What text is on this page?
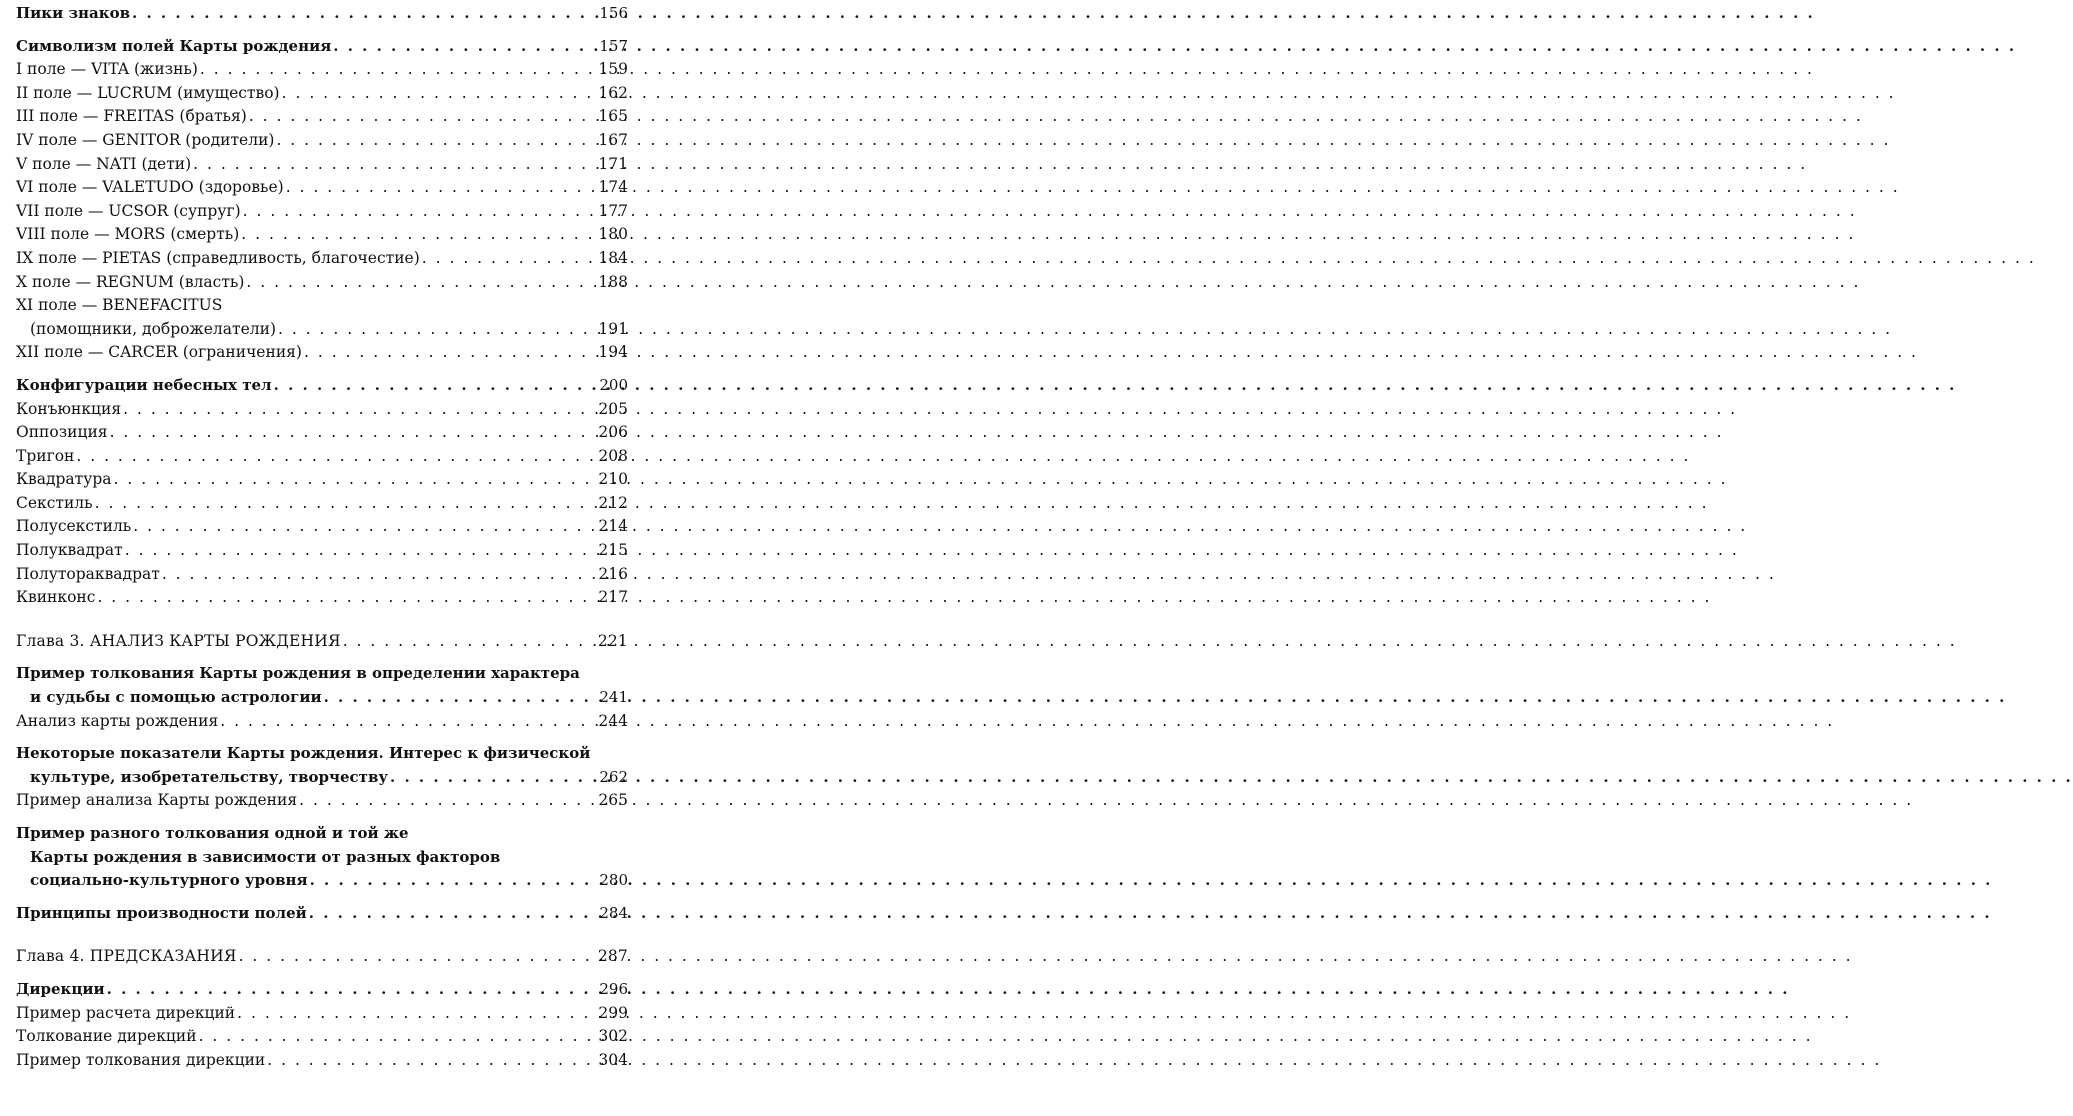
Пики знаков . . .	156
Символизм полей Карты рождения . . .	157
I поле — VITA (жизнь) . . .	159
II поле — LUCRUM (имущество) . . .	162
III поле — FREITAS (братья) . . .	165
IV поле — GENITOR (родители) . . .	167
V поле — NATI (дети) . . .	171
VI поле — VALETUDO (здоровье) . . .	174
VII поле — UCSOR (супруг) . . .	177
VIII поле — MORS (смерть) . . .	180
IX поле — PIETAS (справедливость, благочестие) . . .	184
X поле — REGNUM (власть) . . .	188
XI поле — BENEFACITUS
(помощники, доброжелатели) . . .	191
XII поле — CARCER (ограничения) . . .	194
Конфигурации небесных тел . . .	200
Конъюнкция . . .	205
Оппозиция . . .	206
Тригон . . .	208
Квадратура . . .	210
Секстиль . . .	212
Полусекстиль . . .	214
Полуквадрат . . .	215
Полутораквадрат . . .	216
Квинконс . . .	217
Глава 3. АНАЛИЗ КАРТЫ РОЖДЕНИЯ . . .	221
Пример толкования Карты рождения в определении характера
и судьбы с помощью астрологии . . .	241
Анализ карты рождения . . .	244
Некоторые показатели Карты рождения. Интерес к физической
культуре, изобретательству, творчеству . . .	262
Пример анализа Карты рождения . . .	265
Пример разного толкования одной и той же
Карты рождения в зависимости от разных факторов
социально-культурного уровня . . .	280
Принципы производности полей . . .	284
Глава 4. ПРЕДСКАЗАНИЯ . . .	287
Дирекции . . .	296
Пример расчета дирекций . . .	299
Толкование дирекций . . .	302
Пример толкования дирекции . . .	304
